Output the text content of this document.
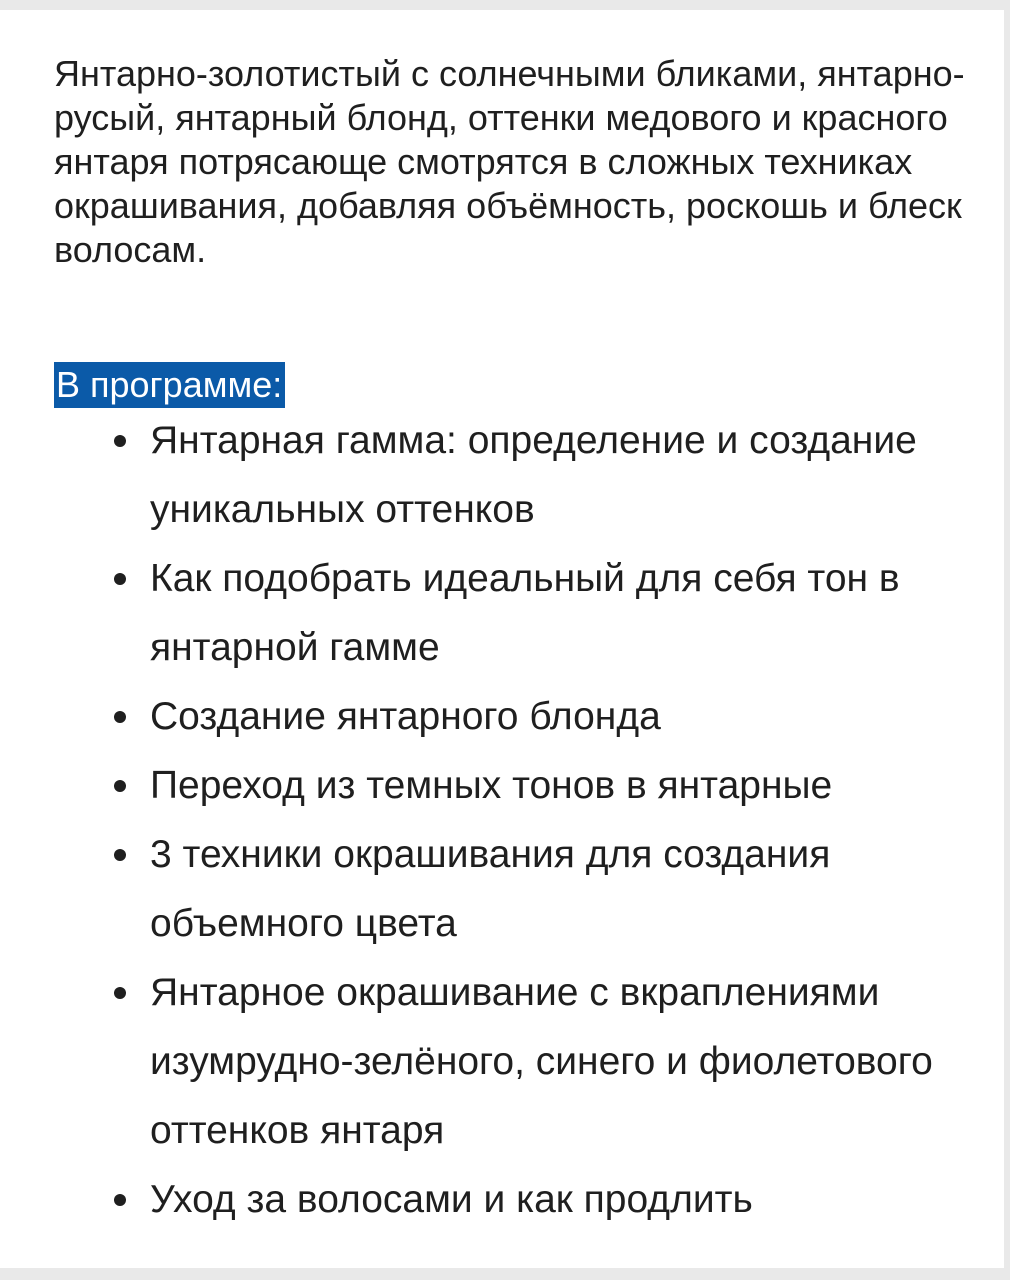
Янтарно-золотистый с солнечными бликами, янтарно-русый, янтарный блонд, оттенки медового и красного янтаря потрясающе смотрятся в сложных техниках окрашивания, добавляя объёмность, роскошь и блеск волосам.

В программе:
Янтарная гамма: определение и создание уникальных оттенков
Как подобрать идеальный для себя тон в янтарной гамме
Создание янтарного блонда
Переход из темных тонов в янтарные
3 техники окрашивания для создания объемного цвета
Янтарное окрашивание с вкраплениями изумрудно-зелёного, синего и фиолетового оттенков янтаря
Уход за волосами и как продлить
